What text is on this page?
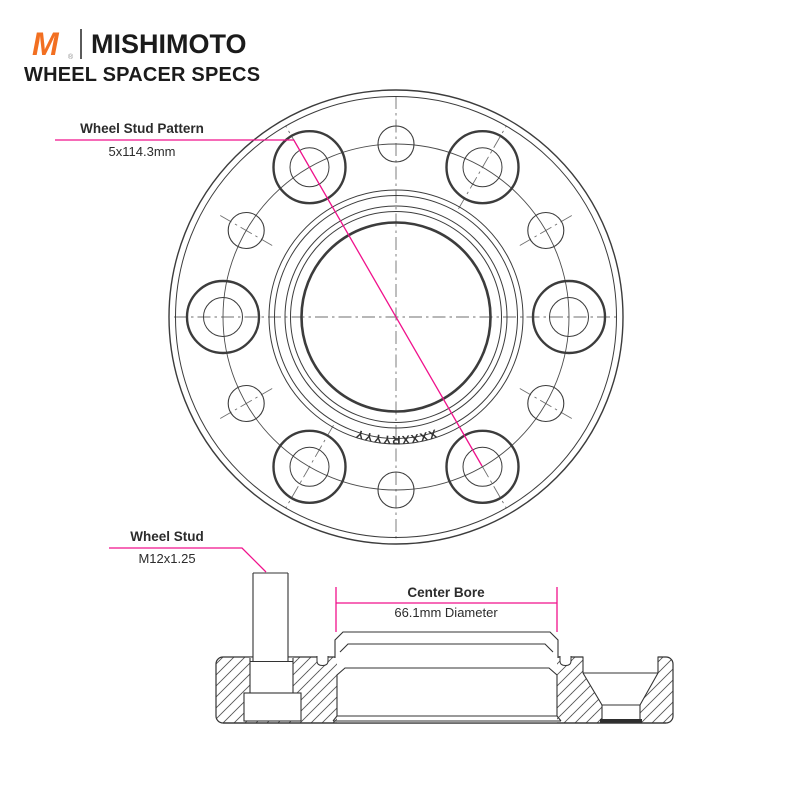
XXXXRYYYY
M ® MISHIMOTO
WHEEL SPACER SPECS
Wheel Stud Pattern
5x114.3mm
Wheel Stud
M12x1.25
Center Bore
66.1mm Diameter
